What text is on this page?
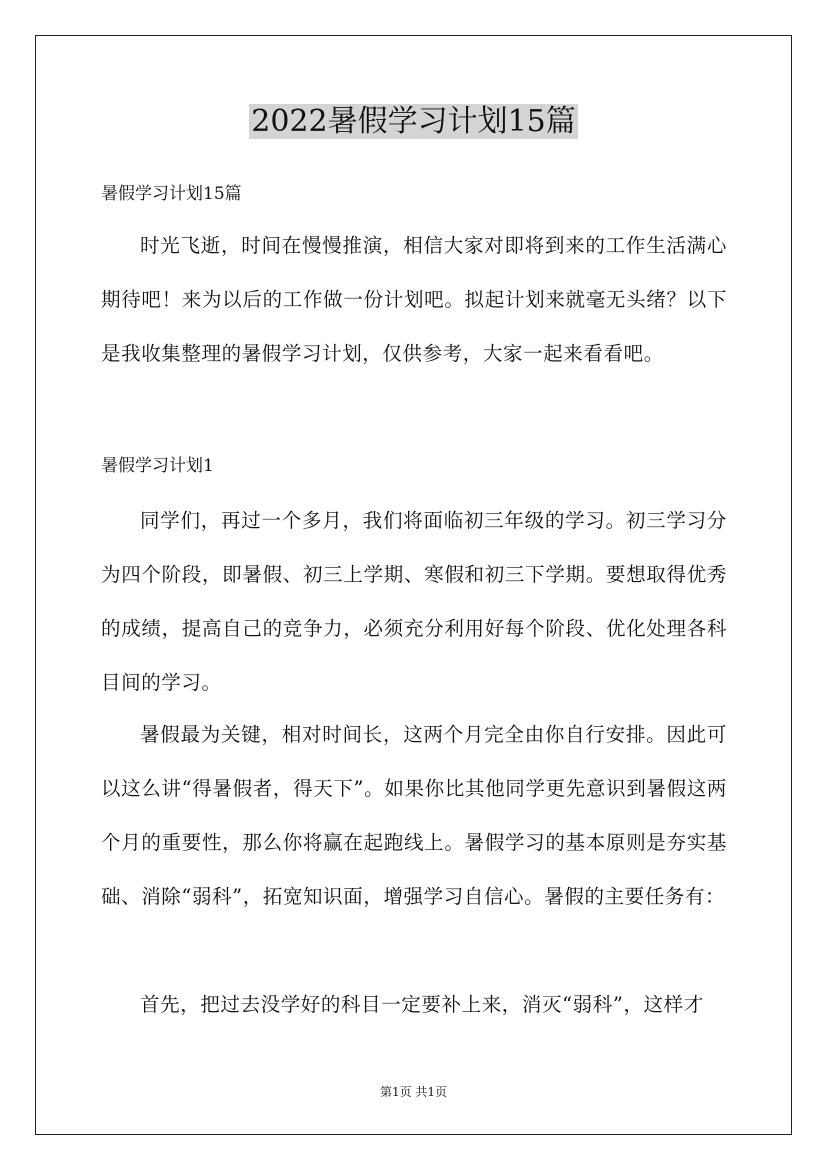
2022暑假学习计划15篇
暑假学习计划15篇
时光飞逝，时间在慢慢推演，相信大家对即将到来的工作生活满心期待吧！来为以后的工作做一份计划吧。拟起计划来就毫无头绪？以下是我收集整理的暑假学习计划，仅供参考，大家一起来看看吧。
暑假学习计划1
同学们，再过一个多月，我们将面临初三年级的学习。初三学习分为四个阶段，即暑假、初三上学期、寒假和初三下学期。要想取得优秀的成绩，提高自己的竞争力，必须充分利用好每个阶段、优化处理各科目间的学习。
暑假最为关键，相对时间长，这两个月完全由你自行安排。因此可以这么讲“得暑假者，得天下”。如果你比其他同学更先意识到暑假这两个月的重要性，那么你将赢在起跑线上。暑假学习的基本原则是夯实基础、消除“弱科”，拓宽知识面，增强学习自信心。暑假的主要任务有：
首先，把过去没学好的科目一定要补上来，消灭“弱科”，这样才
第1页 共1页
